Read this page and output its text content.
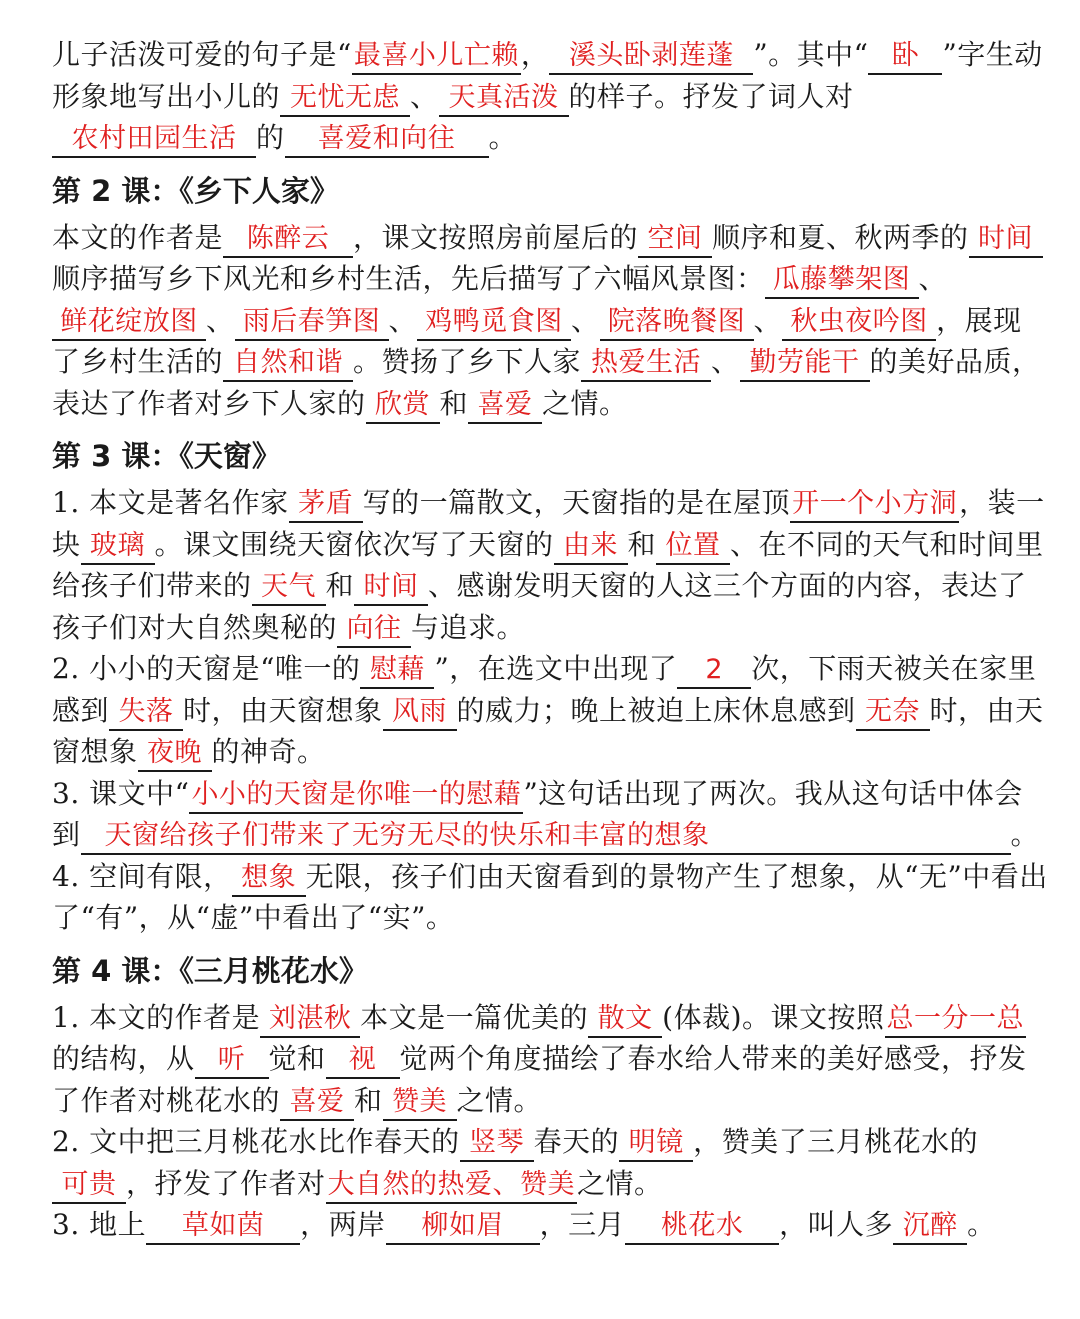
儿子活泼可爱的句子是“最喜小儿亡赖， 溪头卧剥莲蓬 ”。其中“ 卧 ”字生动形象地写出小儿的 无忧无虑 、 天真活泼 的样子。抒发了词人对农村田园生活 的 喜爱和向往 。

第 2 课：《乡下人家》

本文的作者是 陈醉云 ，课文按照房前屋后的 空间 顺序和夏、秋两季的 时间顺序描写乡下风光和乡村生活，先后描写了六幅风景图： 瓜藤攀架图 、鲜花绽放图 、 雨后春笋图 、 鸡鸭觅食图 、 院落晚餐图 、 秋虫夜吟图 ，展现了乡村生活的 自然和谐 。赞扬了乡下人家 热爱生活 、 勤劳能干 的美好品质，表达了作者对乡下人家的 欣赏 和 喜爱 之情。

第 3 课：《天窗》

1. 本文是著名作家 茅盾 写的一篇散文，天窗指的是在屋顶开一个小方洞，装一块 玻璃 。课文围绕天窗依次写了天窗的 由来 和 位置 、在不同的天气和时间里给孩子们带来的 天气 和 时间 、感谢发明天窗的人这三个方面的内容，表达了孩子们对大自然奥秘的 向往 与追求。

2. 小小的天窗是“唯一的 慰藉 ”，在选文中出现了 2 次，下雨天被关在家里感到 失落 时，由天窗想象 风雨 的威力；晚上被迫上床休息感到 无奈 时，由天窗想象 夜晚 的神奇。

3. 课文中“小小的天窗是你唯一的慰藉”这句话出现了两次。我从这句话中体会到 天窗给孩子们带来了无穷无尽的快乐和丰富的想象	。

4. 空间有限， 想象 无限，孩子们由天窗看到的景物产生了想象，从“无”中看出了“有”，从“虚”中看出了“实”。

第 4 课：《三月桃花水》

1. 本文的作者是 刘湛秋 本文是一篇优美的 散文 (体裁)。课文按照总一分一总的结构，从 听 觉和 视 觉两个角度描绘了春水给人带来的美好感受，抒发了作者对桃花水的 喜爱 和 赞美 之情。

2. 文中把三月桃花水比作春天的 竖琴 春天的 明镜 ，赞美了三月桃花水的可贵 ，抒发了作者对大自然的热爱、赞美之情。

3. 地上 草如茵 ，两岸 柳如眉 ，三月 桃花水 ，叫人多 沉醉 。
